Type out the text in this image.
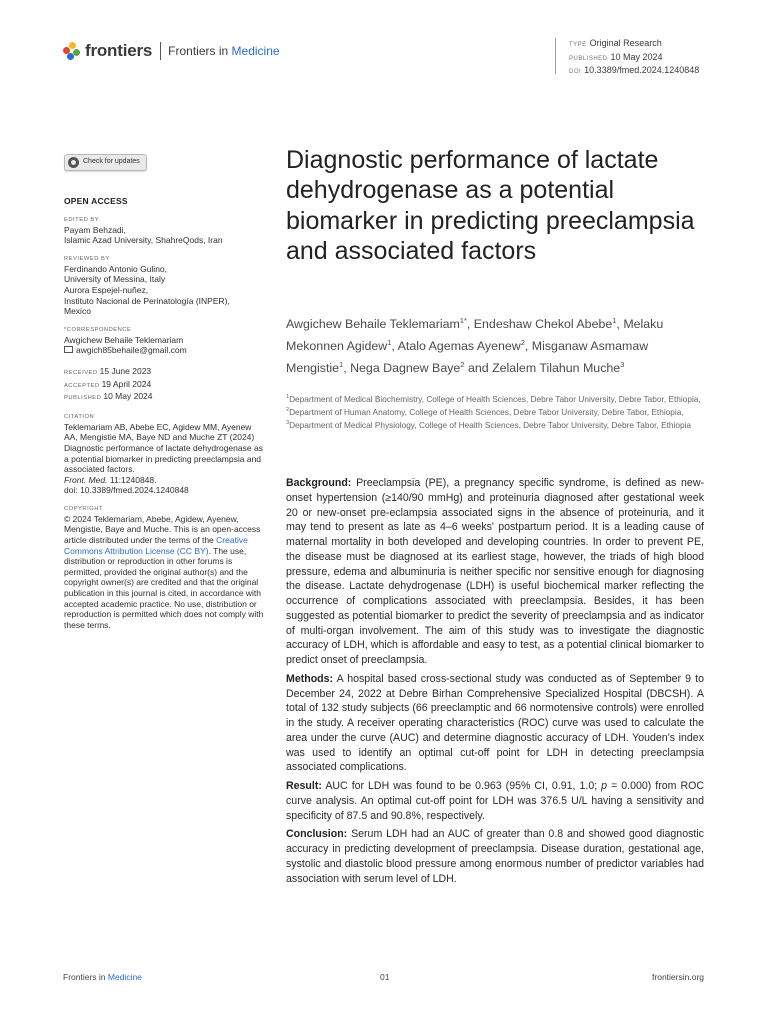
frontiers Frontiers in Medicine	TYPE Original Research
PUBLISHED 10 May 2024
DOI 10.3389/fmed.2024.1240848
Check for updates
OPEN ACCESS
EDITED BY
Payam Behzadi,
Islamic Azad University, ShahreQods, Iran
REVIEWED BY
Ferdinando Antonio Gulino,
University of Messina, Italy
Aurora Espejel-nuñez,
Instituto Nacional de Perinatología (INPER),
Mexico
*CORRESPONDENCE
Awgichew Behaile Teklemariam
awgich85behaile@gmail.com
RECEIVED 15 June 2023
ACCEPTED 19 April 2024
PUBLISHED 10 May 2024
CITATION
Teklemariam AB, Abebe EC, Agidew MM, Ayenew AA, Mengistie MA, Baye ND and Muche ZT (2024) Diagnostic performance of lactate dehydrogenase as a potential biomarker in predicting preeclampsia and associated factors.
Front. Med. 11:1240848.
doi: 10.3389/fmed.2024.1240848
COPYRIGHT
© 2024 Teklemariam, Abebe, Agidew, Ayenew, Mengistie, Baye and Muche. This is an open-access article distributed under the terms of the Creative Commons Attribution License (CC BY). The use, distribution or reproduction in other forums is permitted, provided the original author(s) and the copyright owner(s) are credited and that the original publication in this journal is cited, in accordance with accepted academic practice. No use, distribution or reproduction is permitted which does not comply with these terms.
Diagnostic performance of lactate dehydrogenase as a potential biomarker in predicting preeclampsia and associated factors
Awgichew Behaile Teklemariam$^{1*}$, Endeshaw Chekol Abebe$^1$, Melaku Mekonnen Agidew$^1$, Atalo Agemas Ayenew$^2$, Misganaw Asmamaw Mengistie$^1$, Nega Dagnew Baye$^2$ and Zelalem Tilahun Muche$^3$
$^1$Department of Medical Biochemistry, College of Health Sciences, Debre Tabor University, Debre Tabor, Ethiopia, $^2$Department of Human Anatomy, College of Health Sciences, Debre Tabor University, Debre Tabor, Ethiopia, $^3$Department of Medical Physiology, College of Health Sciences, Debre Tabor University, Debre Tabor, Ethiopia

Background: Preeclampsia (PE), a pregnancy specific syndrome, is defined as new-onset hypertension (≥140/90 mmHg) and proteinuria diagnosed after gestational week 20 or new-onset pre-eclampsia associated signs in the absence of proteinuria, and it may tend to present as late as 4–6 weeks' postpartum period. It is a leading cause of maternal mortality in both developed and developing countries. In order to prevent PE, the disease must be diagnosed at its earliest stage, however, the triads of high blood pressure, edema and albuminuria is neither specific nor sensitive enough for diagnosing the disease. Lactate dehydrogenase (LDH) is useful biochemical marker reflecting the occurrence of complications associated with preeclampsia. Besides, it has been suggested as potential biomarker to predict the severity of preeclampsia and as indicator of multi-organ involvement. The aim of this study was to investigate the diagnostic accuracy of LDH, which is affordable and easy to test, as a potential clinical biomarker to predict onset of preeclampsia.

Methods: A hospital based cross-sectional study was conducted as of September 9 to December 24, 2022 at Debre Birhan Comprehensive Specialized Hospital (DBCSH). A total of 132 study subjects (66 preeclamptic and 66 normotensive controls) were enrolled in the study. A receiver operating characteristics (ROC) curve was used to calculate the area under the curve (AUC) and determine diagnostic accuracy of LDH. Youden's index was used to identify an optimal cut-off point for LDH in detecting preeclampsia associated complications.

Result: AUC for LDH was found to be 0.963 (95% CI, 0.91, 1.0; p = 0.000) from ROC curve analysis. An optimal cut-off point for LDH was 376.5 U/L having a sensitivity and specificity of 87.5 and 90.8%, respectively.

Conclusion: Serum LDH had an AUC of greater than 0.8 and showed good diagnostic accuracy in predicting development of preeclampsia. Disease duration, gestational age, systolic and diastolic blood pressure among enormous number of predictor variables had association with serum level of LDH.

Frontiers in Medicine	01	frontiersin.org
